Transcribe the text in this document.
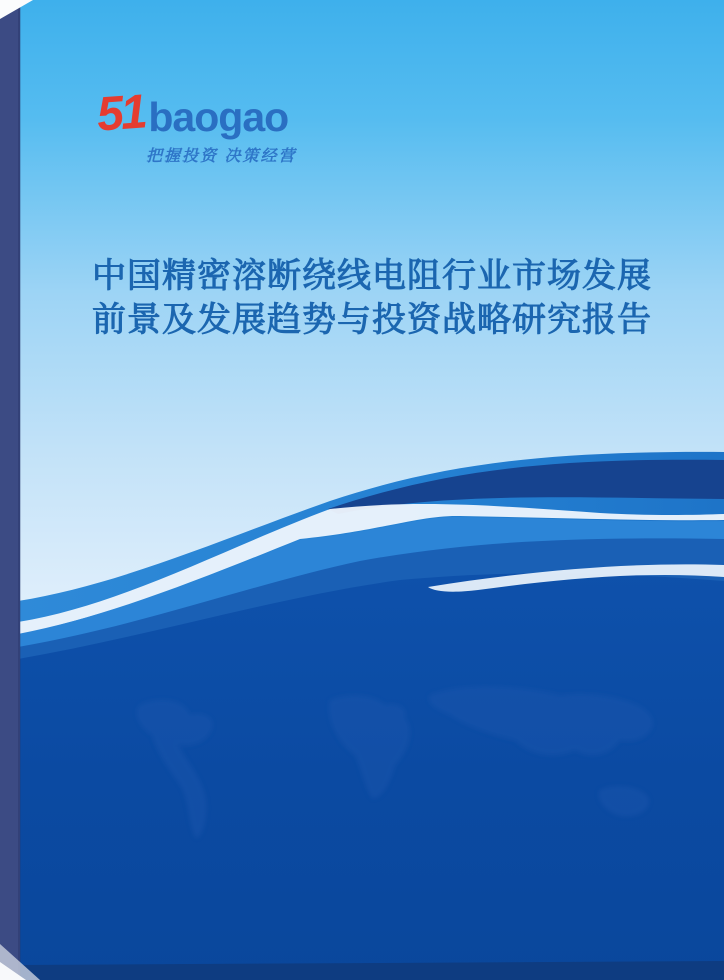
51 baogao
把握投资 决策经营
中国精密溶断绕线电阻行业市场发展
前景及发展趋势与投资战略研究报告
